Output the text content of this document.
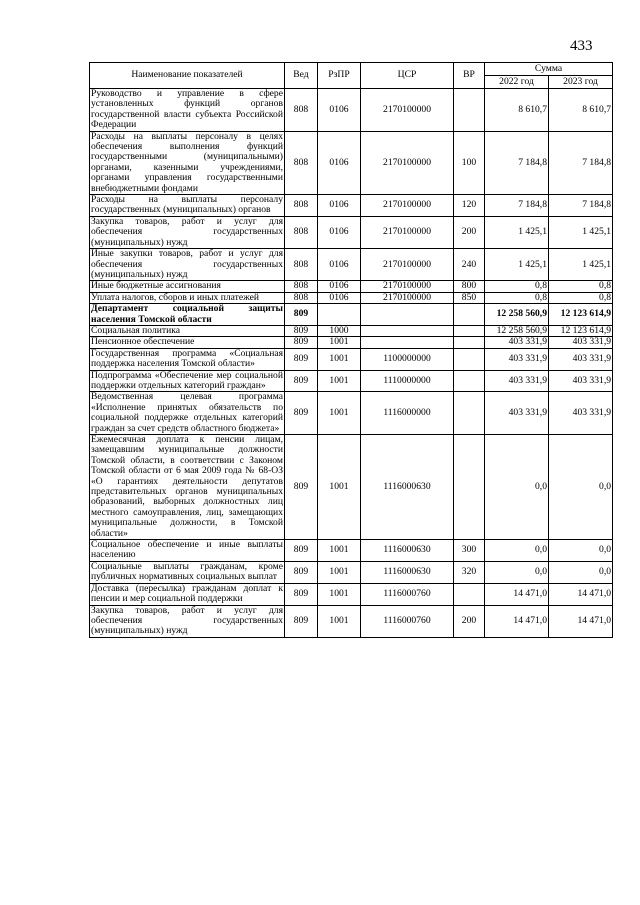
433
Наименование показателей	Вед	РзПР	ЦСР	ВР	Сумма	
					2022 год	2023 год
Руководство и управление в сфере установленных функций органов государственной власти субъекта Российской Федерации	808	0106	2170100000		8 610,7	8 610,7
Расходы на выплаты персоналу в целях обеспечения выполнения функций государственными (муниципальными) органами, казенными учреждениями, органами управления государственными внебюджетными фондами	808	0106	2170100000	100	7 184,8	7 184,8
Расходы на выплаты персоналу государственных (муниципальных) органов	808	0106	2170100000	120	7 184,8	7 184,8
Закупка товаров, работ и услуг для обеспечения государственных (муниципальных) нужд	808	0106	2170100000	200	1 425,1	1 425,1
Иные закупки товаров, работ и услуг для обеспечения государственных (муниципальных) нужд	808	0106	2170100000	240	1 425,1	1 425,1
Иные бюджетные ассигнования	808	0106	2170100000	800	0,8	0,8
Уплата налогов, сборов и иных платежей	808	0106	2170100000	850	0,8	0,8
Департамент социальной защиты населения Томской области	809				12 258 560,9	12 123 614,9
Социальная политика	809	1000			12 258 560,9	12 123 614,9
Пенсионное обеспечение	809	1001			403 331,9	403 331,9
Государственная программа «Социальная поддержка населения Томской области»	809	1001	1100000000		403 331,9	403 331,9
Подпрограмма «Обеспечение мер социальной поддержки отдельных категорий граждан»	809	1001	1110000000		403 331,9	403 331,9
Ведомственная целевая программа «Исполнение принятых обязательств по социальной поддержке отдельных категорий граждан за счет средств областного бюджета»	809	1001	1116000000		403 331,9	403 331,9
Ежемесячная доплата к пенсии лицам, замещавшим муниципальные должности Томской области, в соответствии с Законом Томской области от 6 мая 2009 года № 68-ОЗ «О гарантиях деятельности депутатов представительных органов муниципальных образований, выборных должностных лиц местного самоуправления, лиц, замещающих муниципальные должности, в Томской области»	809	1001	1116000630		0,0	0,0
Социальное обеспечение и иные выплаты населению	809	1001	1116000630	300	0,0	0,0
Социальные выплаты гражданам, кроме публичных нормативных социальных выплат	809	1001	1116000630	320	0,0	0,0
Доставка (пересылка) гражданам доплат к пенсии и мер социальной поддержки	809	1001	1116000760		14 471,0	14 471,0
Закупка товаров, работ и услуг для обеспечения государственных (муниципальных) нужд	809	1001	1116000760	200	14 471,0	14 471,0
